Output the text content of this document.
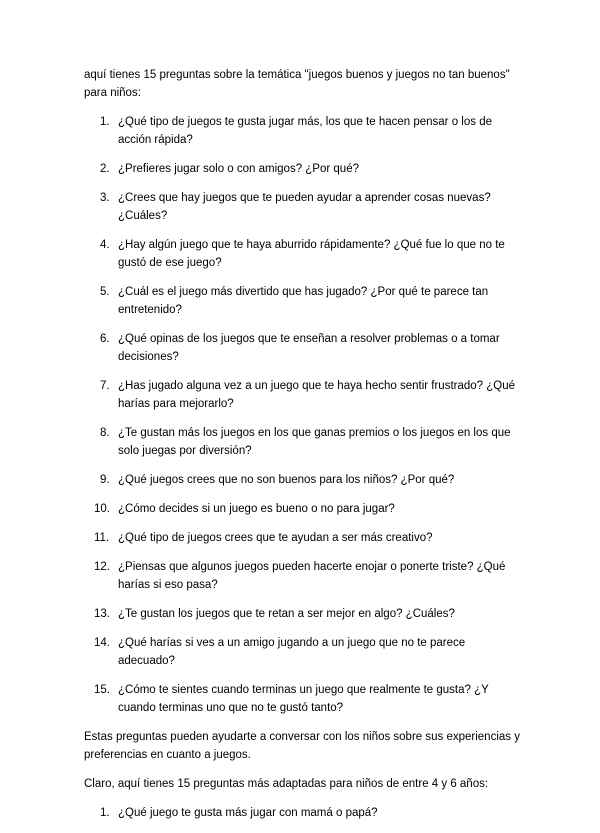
aquí tienes 15 preguntas sobre la temática "juegos buenos y juegos no tan buenos" para niños:

1. ¿Qué tipo de juegos te gusta jugar más, los que te hacen pensar o los de acción rápida?
2. ¿Prefieres jugar solo o con amigos? ¿Por qué?
3. ¿Crees que hay juegos que te pueden ayudar a aprender cosas nuevas? ¿Cuáles?
4. ¿Hay algún juego que te haya aburrido rápidamente? ¿Qué fue lo que no te gustó de ese juego?
5. ¿Cuál es el juego más divertido que has jugado? ¿Por qué te parece tan entretenido?
6. ¿Qué opinas de los juegos que te enseñan a resolver problemas o a tomar decisiones?
7. ¿Has jugado alguna vez a un juego que te haya hecho sentir frustrado? ¿Qué harías para mejorarlo?
8. ¿Te gustan más los juegos en los que ganas premios o los juegos en los que solo juegas por diversión?
9. ¿Qué juegos crees que no son buenos para los niños? ¿Por qué?
10. ¿Cómo decides si un juego es bueno o no para jugar?
11. ¿Qué tipo de juegos crees que te ayudan a ser más creativo?
12. ¿Piensas que algunos juegos pueden hacerte enojar o ponerte triste? ¿Qué harías si eso pasa?
13. ¿Te gustan los juegos que te retan a ser mejor en algo? ¿Cuáles?
14. ¿Qué harías si ves a un amigo jugando a un juego que no te parece adecuado?
15. ¿Cómo te sientes cuando terminas un juego que realmente te gusta? ¿Y cuando terminas uno que no te gustó tanto?

Estas preguntas pueden ayudarte a conversar con los niños sobre sus experiencias y preferencias en cuanto a juegos.

Claro, aquí tienes 15 preguntas más adaptadas para niños de entre 4 y 6 años:

1. ¿Qué juego te gusta más jugar con mamá o papá?
